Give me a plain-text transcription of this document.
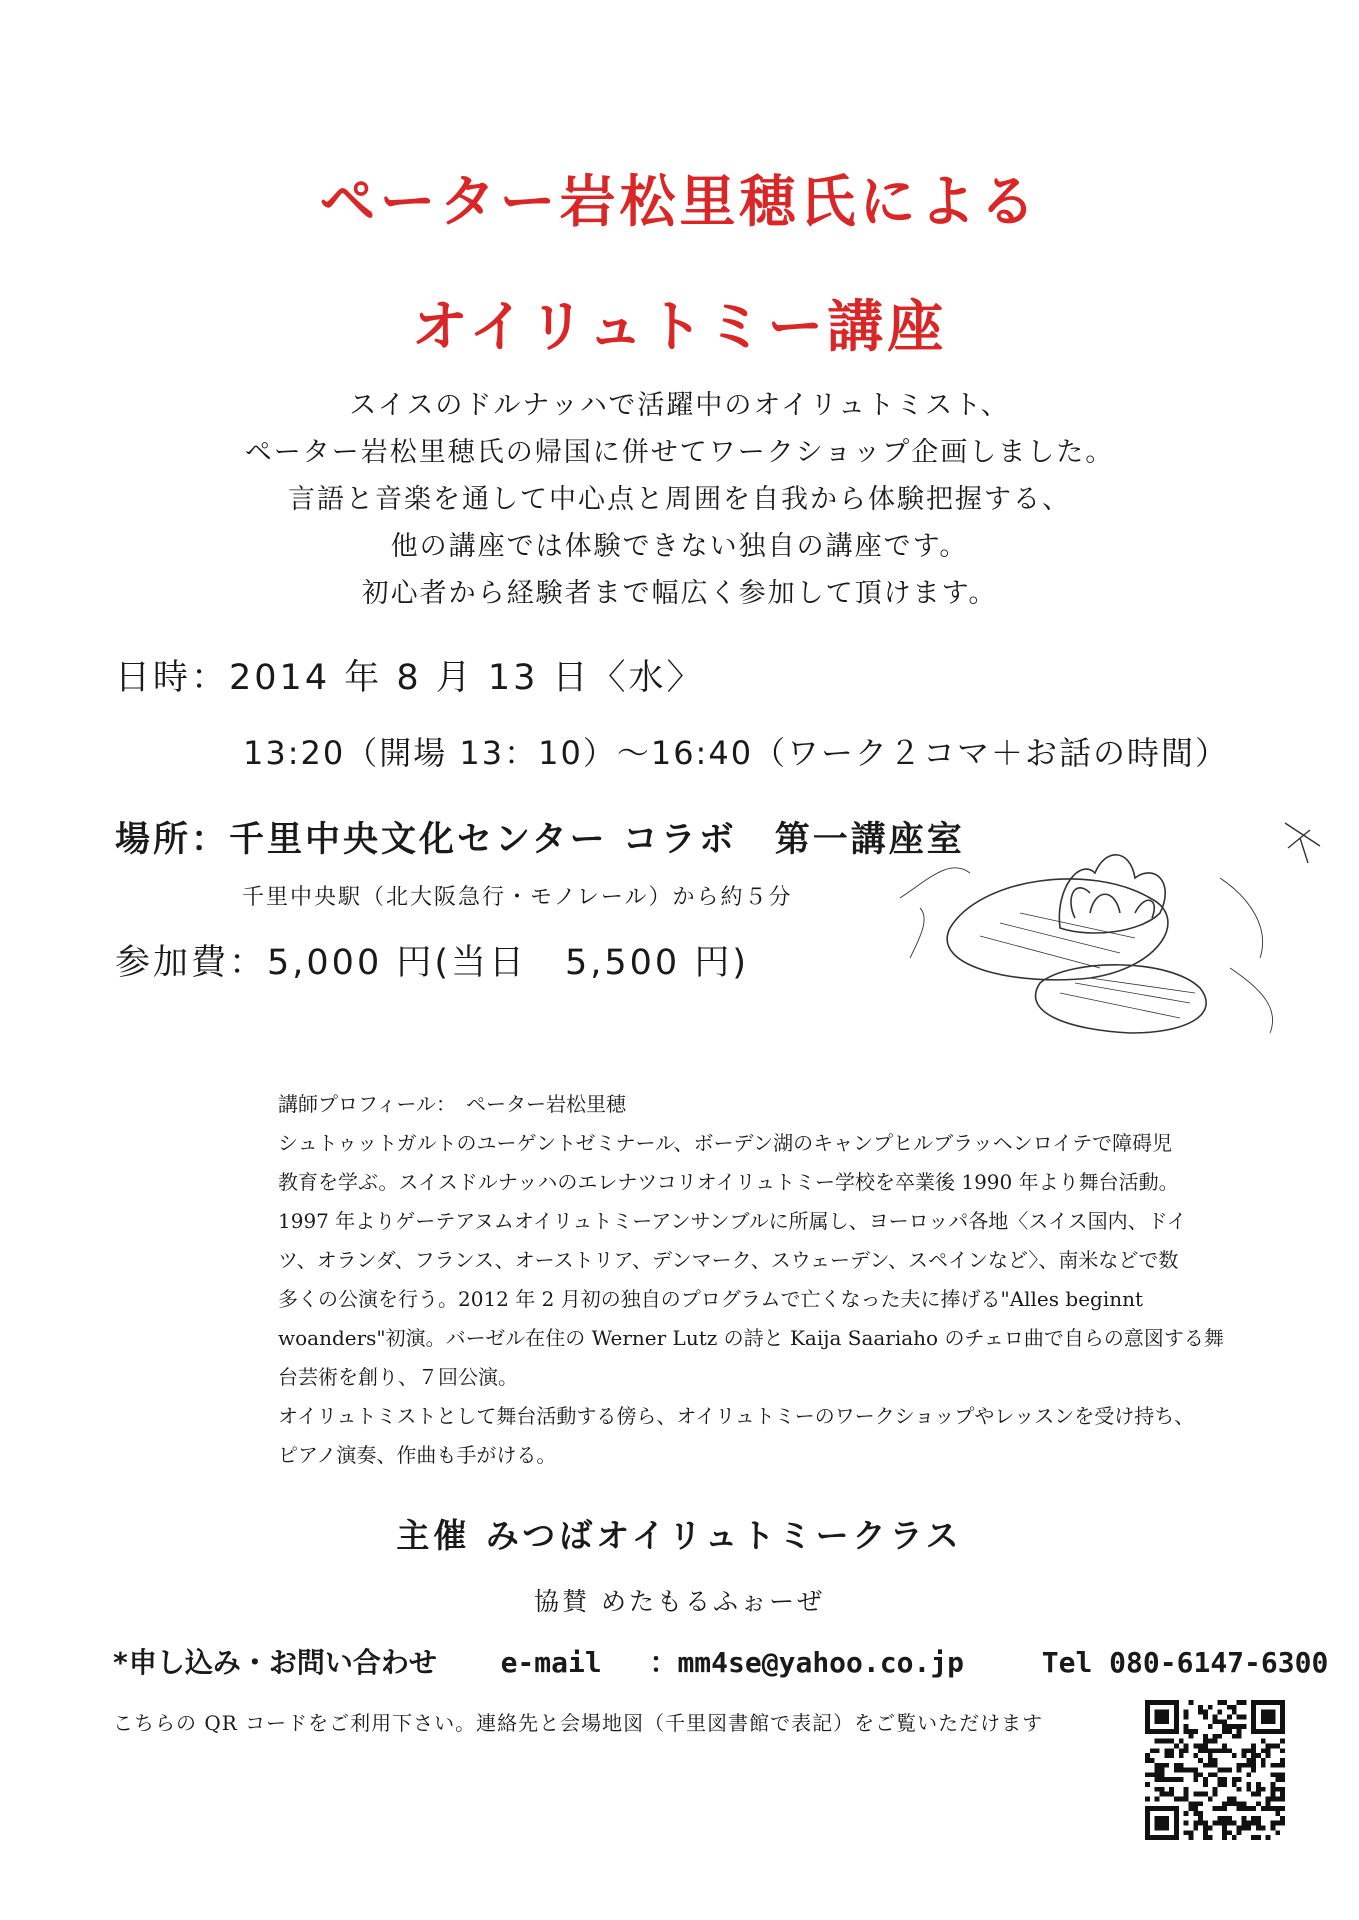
ペーター岩松里穂氏による
オイリュトミー講座
スイスのドルナッハで活躍中のオイリュトミスト、
ペーター岩松里穂氏の帰国に併せてワークショップ企画しました。
言語と音楽を通して中心点と周囲を自我から体験把握する、
他の講座では体験できない独自の講座です。
初心者から経験者まで幅広く参加して頂けます。
日時：2014 年 8 月 13 日〈水〉
13:20（開場 13：10）～16:40（ワーク２コマ＋お話の時間）
場所：千里中央文化センター コラボ　第一講座室
千里中央駅（北大阪急行・モノレール）から約５分
参加費：5,000 円(当日　5,500 円)
講師プロフィール：　ペーター岩松里穂
シュトゥットガルトのユーゲントゼミナール、ボーデン湖のキャンプヒルブラッヘンロイテで障碍児
教育を学ぶ。スイスドルナッハのエレナツコリオイリュトミー学校を卒業後 1990 年より舞台活動。
1997 年よりゲーテアヌムオイリュトミーアンサンブルに所属し、ヨーロッパ各地〈スイス国内、ドイ
ツ、オランダ、フランス、オーストリア、デンマーク、スウェーデン、スペインなど〉、南米などで数
多くの公演を行う。2012 年 2 月初の独自のプログラムで亡くなった夫に捧げる"Alles beginnt
woanders"初演。バーゼル在住の Werner Lutz の詩と Kaija Saariaho のチェロ曲で自らの意図する舞
台芸術を創り、７回公演。
オイリュトミストとして舞台活動する傍ら、オイリュトミーのワークショップやレッスンを受け持ち、
ピアノ演奏、作曲も手がける。
主催 みつばオイリュトミークラス
協賛 めたもるふぉーぜ
*申し込み・お問い合わせ e-mail ：mm4se@yahoo.co.jp	Tel 080-6147-6300
こちらの QR コードをご利用下さい。連絡先と会場地図（千里図書館で表記）をご覧いただけます
